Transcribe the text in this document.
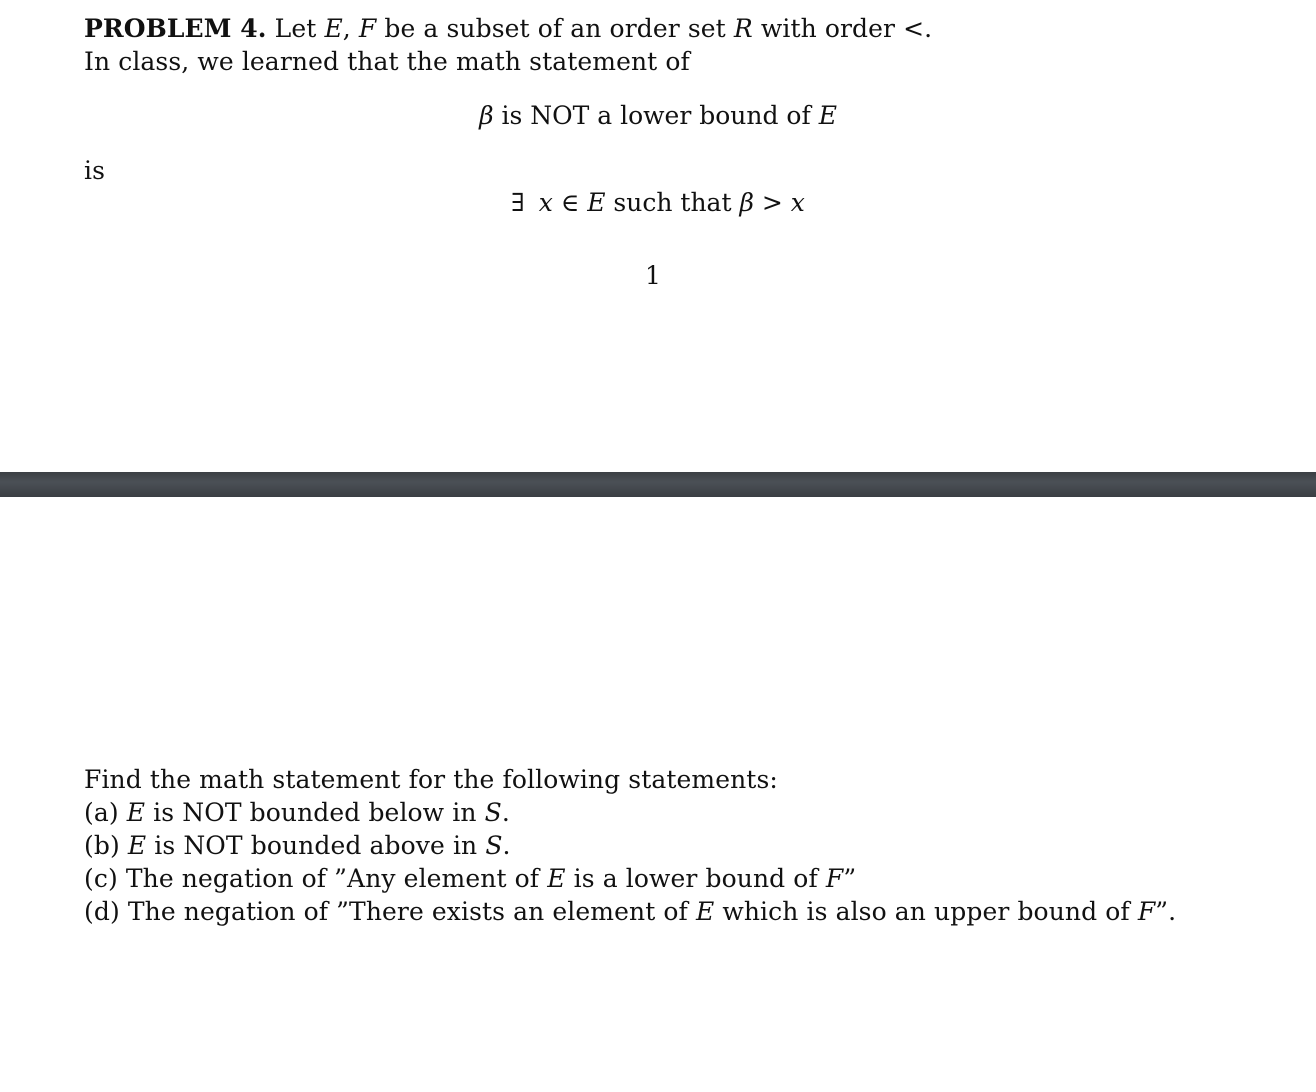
PROBLEM 4. Let E, F be a subset of an order set R with order <.
In class, we learned that the math statement of
β is NOT a lower bound of E
is
∃ x ∈ E such that β > x
1
Find the math statement for the following statements:
(a) E is NOT bounded below in S.
(b) E is NOT bounded above in S.
(c) The negation of ”Any element of E is a lower bound of F”
(d) The negation of ”There exists an element of E which is also an upper bound of F”.
